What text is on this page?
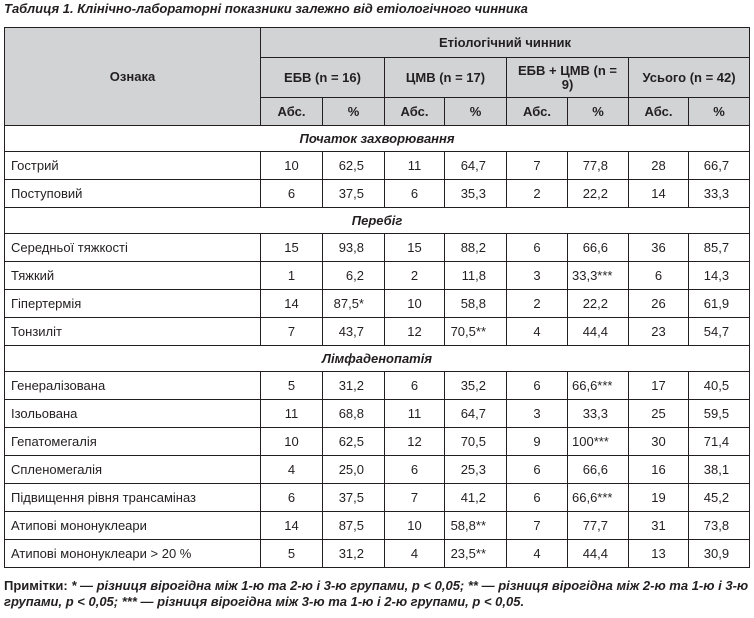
Таблиця 1. Клінічно-лабораторні показники залежно від етіологічного чинника
Ознака	Етіологічний чинник							
	ЕБВ (n = 16)		ЦМВ (n = 17)		ЕБВ + ЦМВ (n = 9)		Усього (n = 42)	
	Абс.	%	Абс.	%	Абс.	%	Абс.	%
Початок захворювання								
Гострий	10	62,5	11	64,7	7	77,8	28	66,7
Поступовий	6	37,5	6	35,3	2	22,2	14	33,3
Перебіг								
Середньої тяжкості	15	93,8	15	88,2	6	66,6	36	85,7
Тяжкий	1	6,2	2	11,8	3	33,3***	6	14,3
Гіпертермія	14	87,5*	10	58,8	2	22,2	26	61,9
Тонзиліт	7	43,7	12	70,5**	4	44,4	23	54,7
Лімфаденопатія								
Генералізована	5	31,2	6	35,2	6	66,6***	17	40,5
Ізольована	11	68,8	11	64,7	3	33,3	25	59,5
Гепатомегалія	10	62,5	12	70,5	9	100***	30	71,4
Спленомегалія	4	25,0	6	25,3	6	66,6	16	38,1
Підвищення рівня трансаміназ	6	37,5	7	41,2	6	66,6***	19	45,2
Атипові мононуклеари	14	87,5	10	58,8**	7	77,7	31	73,8
Атипові мононуклеари > 20 %	5	31,2	4	23,5**	4	44,4	13	30,9
Примітки: * — різниця вірогідна між 1-ю та 2-ю і 3-ю групами, р < 0,05; ** — різниця вірогідна між 2-ю та 1-ю і 3-ю групами, р < 0,05; *** — різниця вірогідна між 3-ю та 1-ю і 2-ю групами, р < 0,05.
